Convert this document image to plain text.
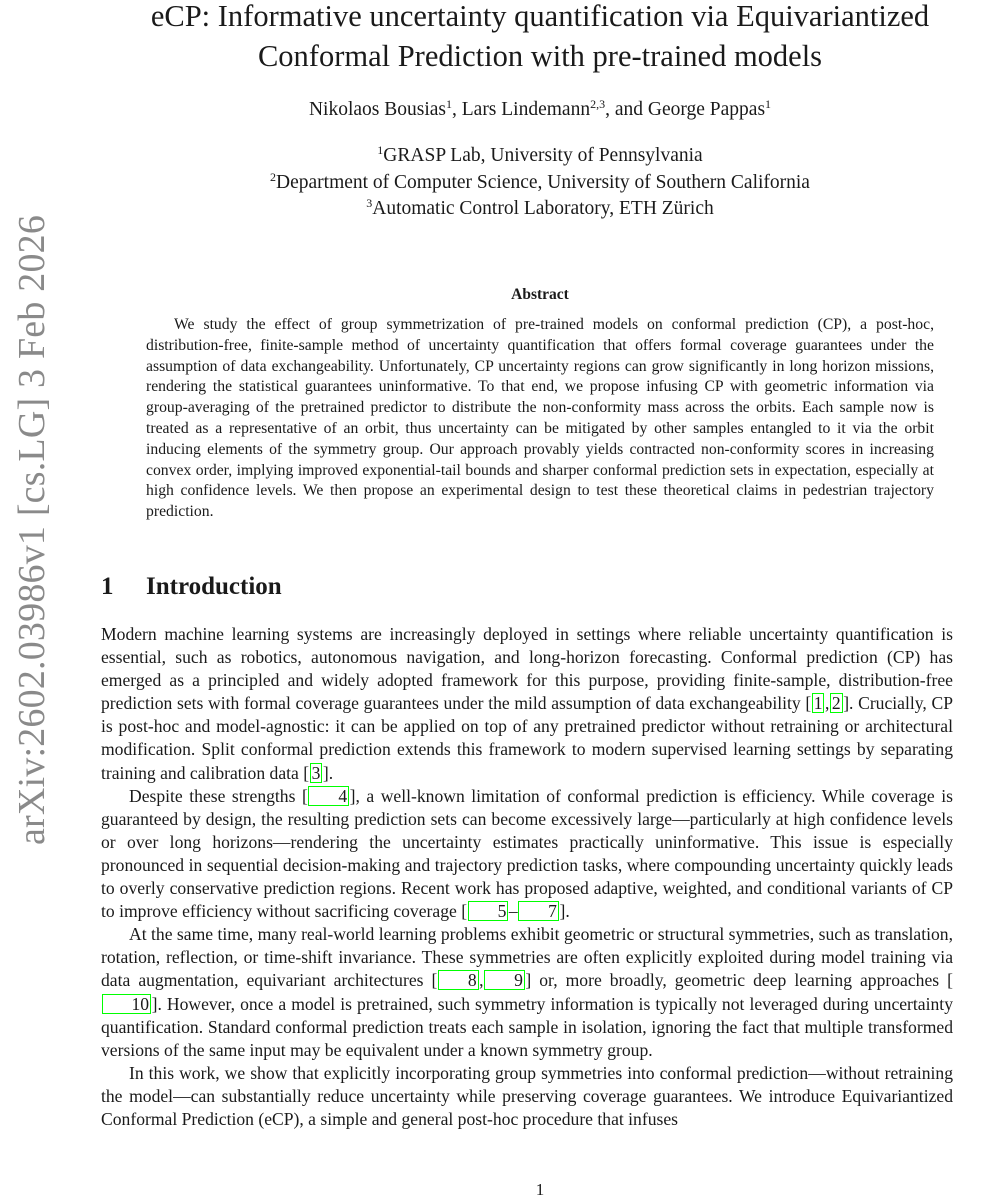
arXiv:2602.03986v1 [cs.LG] 3 Feb 2026
eCP: Informative uncertainty quantification via Equivariantized
Conformal Prediction with pre-trained models
Nikolaos Bousias$^1$, Lars Lindemann$^{2,3}$, and George Pappas$^1$
$^1$GRASP Lab, University of Pennsylvania
$^2$Department of Computer Science, University of Southern California
$^3$Automatic Control Laboratory, ETH Zürich
Abstract

We study the effect of group symmetrization of pre-trained models on conformal prediction (CP), a post-hoc, distribution-free, finite-sample method of uncertainty quantification that offers formal coverage guarantees under the assumption of data exchangeability. Unfortunately, CP uncertainty regions can grow significantly in long horizon missions, rendering the statistical guarantees uninformative. To that end, we propose infusing CP with geometric information via group-averaging of the pretrained predictor to distribute the non-conformity mass across the orbits. Each sample now is treated as a representative of an orbit, thus uncertainty can be mitigated by other samples entangled to it via the orbit inducing elements of the symmetry group. Our approach provably yields contracted non-conformity scores in increasing convex order, implying improved exponential-tail bounds and sharper conformal prediction sets in expectation, especially at high confidence levels. We then propose an experimental design to test these theoretical claims in pedestrian trajectory prediction.

1 Introduction

Modern machine learning systems are increasingly deployed in settings where reliable uncertainty quantification is essential, such as robotics, autonomous navigation, and long-horizon forecasting. Conformal prediction (CP) has emerged as a principled and widely adopted framework for this purpose, providing finite-sample, distribution-free prediction sets with formal coverage guarantees under the mild assumption of data exchangeability [ 1 , 2 ]. Crucially, CP is post-hoc and model-agnostic: it can be applied on top of any pretrained predictor without retraining or architectural modification. Split conformal prediction extends this framework to modern supervised learning settings by separating training and calibration data [ 3 ].

Despite these strengths [ 4 ], a well-known limitation of conformal prediction is efficiency. While coverage is guaranteed by design, the resulting prediction sets can become excessively large—particularly at high confidence levels or over long horizons—rendering the uncertainty estimates practically uninformative. This issue is especially pronounced in sequential decision-making and trajectory prediction tasks, where compounding uncertainty quickly leads to overly conservative prediction regions. Recent work has proposed adaptive, weighted, and conditional variants of CP to improve efficiency without sacrificing coverage [ 5 – 7 ].

At the same time, many real-world learning problems exhibit geometric or structural symmetries, such as translation, rotation, reflection, or time-shift invariance. These symmetries are often explicitly exploited during model training via data augmentation, equivariant architectures [ 8 , 9 ] or, more broadly, geometric deep learning approaches [10 ]. However, once a model is pretrained, such symmetry information is typically not leveraged during uncertainty quantification. Standard conformal prediction treats each sample in isolation, ignoring the fact that multiple transformed versions of the same input may be equivalent under a known symmetry group.

In this work, we show that explicitly incorporating group symmetries into conformal prediction—without retraining the model—can substantially reduce uncertainty while preserving coverage guarantees. We introduce Equivariantized Conformal Prediction (eCP), a simple and general post-hoc procedure that infuses

1
